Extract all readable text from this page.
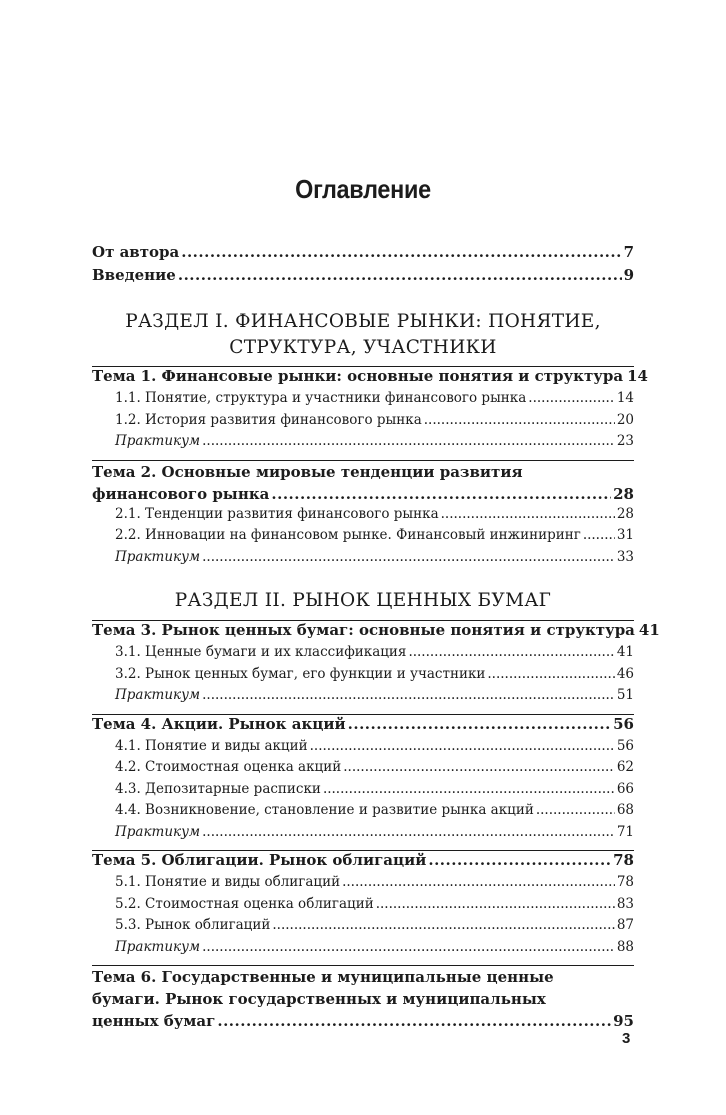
Оглавление
От автора .....	7
Введение .....	9
РАЗДЕЛ I. ФИНАНСОВЫЕ РЫНКИ: ПОНЯТИЕ,
СТРУКТУРА, УЧАСТНИКИ
Тема 1. Финансовые рынки: основные понятия и структура 14
1.1. Понятие, структура и участники финансового рынка .....	14
1.2. История развития финансового рынка .....	20
Практикум .....	23
Тема 2. Основные мировые тенденции развития
финансового рынка .....	28
2.1. Тенденции развития финансового рынка .....	28
2.2. Инновации на финансовом рынке. Финансовый инжиниринг .....	31
Практикум .....	33
РАЗДЕЛ II. РЫНОК ЦЕННЫХ БУМАГ
Тема 3. Рынок ценных бумаг: основные понятия и структура 41
3.1. Ценные бумаги и их классификация .....	41
3.2. Рынок ценных бумаг, его функции и участники .....	46
Практикум .....	51
Тема 4. Акции. Рынок акций .....	56
4.1. Понятие и виды акций .....	56
4.2. Стоимостная оценка акций .....	62
4.3. Депозитарные расписки .....	66
4.4. Возникновение, становление и развитие рынка акций .....	68
Практикум .....	71
Тема 5. Облигации. Рынок облигаций .....	78
5.1. Понятие и виды облигаций .....	78
5.2. Стоимостная оценка облигаций .....	83
5.3. Рынок облигаций .....	87
Практикум .....	88
Тема 6. Государственные и муниципальные ценные
бумаги. Рынок государственных и муниципальных
ценных бумаг .....	95
3
